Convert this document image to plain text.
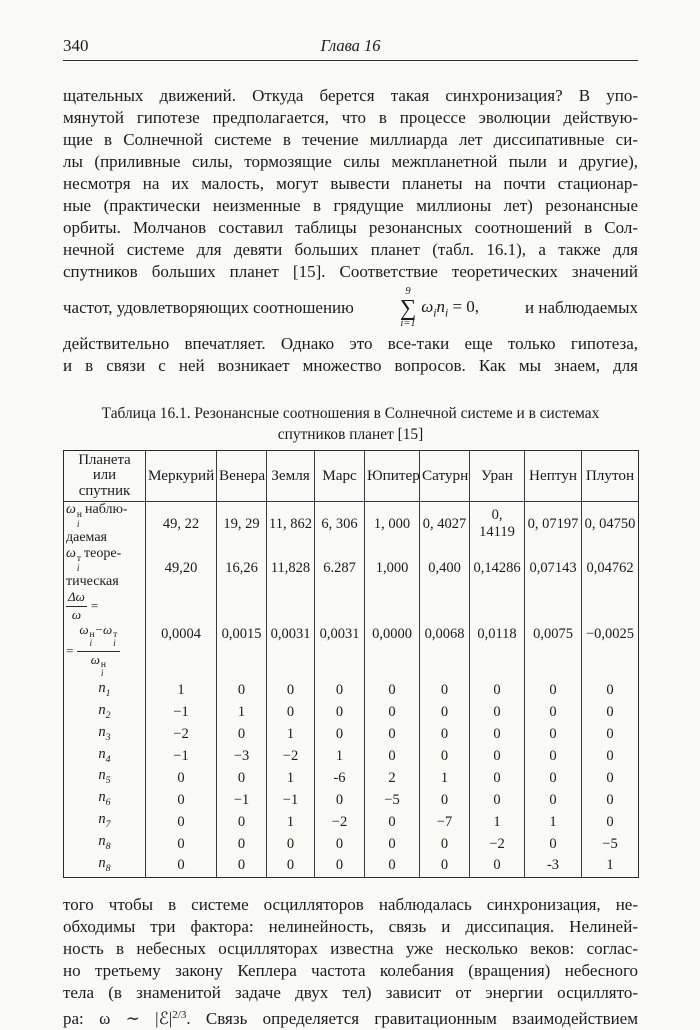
340	Глава 16
щательных движений. Откуда берется такая синхронизация? В упо-
мянутой гипотезе предполагается, что в процессе эволюции действую-
щие в Солнечной системе в течение миллиарда лет диссипативные си-
лы (приливные силы, тормозящие силы межпланетной пыли и другие),
несмотря на их малость, могут вывести планеты на почти стационар-
ные (практически неизменные в грядущие миллионы лет) резонансные
орбиты. Молчанов составил таблицы резонансных соотношений в Сол-
нечной системе для девяти больших планет (табл. 16.1), а также для
спутников больших планет [15]. Соответствие теоретических значений
частот, удовлетворяющих соотношению
9
∑
i=1
$\omega_in_i = 0$,	и наблюдаемых
действительно впечатляет. Однако это все-таки еще только гипотеза,
и в связи с ней возникает множество вопросов. Как мы знаем, для
Таблица 16.1. Резонансные соотношения в Солнечной системе и в системах
спутников планет [15]
Планета
или
спутник	Меркурий	Венера	Земля	Марс	Юпитер	Сатурн	Уран	Нептун	Плутон
ω н
i
наблю-
даемая	49, 22	19, 29	11, 862	6, 306	1, 000	0, 4027	0, 14119	0, 07197	0, 04750
ω т
i
теоре-
тическая	49,20	16,26	11,828	6.287	1,000	0,400	0,14286	0,07143	0,04762

$\frac{\Delta\omega}{\omega}$ =
= ω н
i
−ω т
i
ω н
i	0,0004	0,0015	0,0031	0,0031	0,0000	0,0068	0,0118	0,0075	−0,0025
$n_1$	1	0	0	0	0	0	0	0	0
$n_2$	−1	1	0	0	0	0	0	0	0
$n_3$	−2	0	1	0	0	0	0	0	0
$n_4$	−1	−3	−2	1	0	0	0	0	0
$n_5$	0	0	1	-6	2	1	0	0	0
$n_6$	0	−1	−1	0	−5	0	0	0	0
$n_7$	0	0	1	−2	0	−7	1	1	0
$n_8$	0	0	0	0	0	0	−2	0	−5
$n_8$	0	0	0	0	0	0	0	-3	1
того чтобы в системе осцилляторов наблюдалась синхронизация, не-
обходимы три фактора: нелинейность, связь и диссипация. Нелиней-
ность в небесных осцилляторах известна уже несколько веков: соглас-
но третьему закону Кеплера частота колебания (вращения) небесного
тела (в знаменитой задаче двух тел) зависит от энергии осциллято-
ра: ω ∼ $|ℰ|^{2/3}$. Связь определяется гравитационным взаимодействием
